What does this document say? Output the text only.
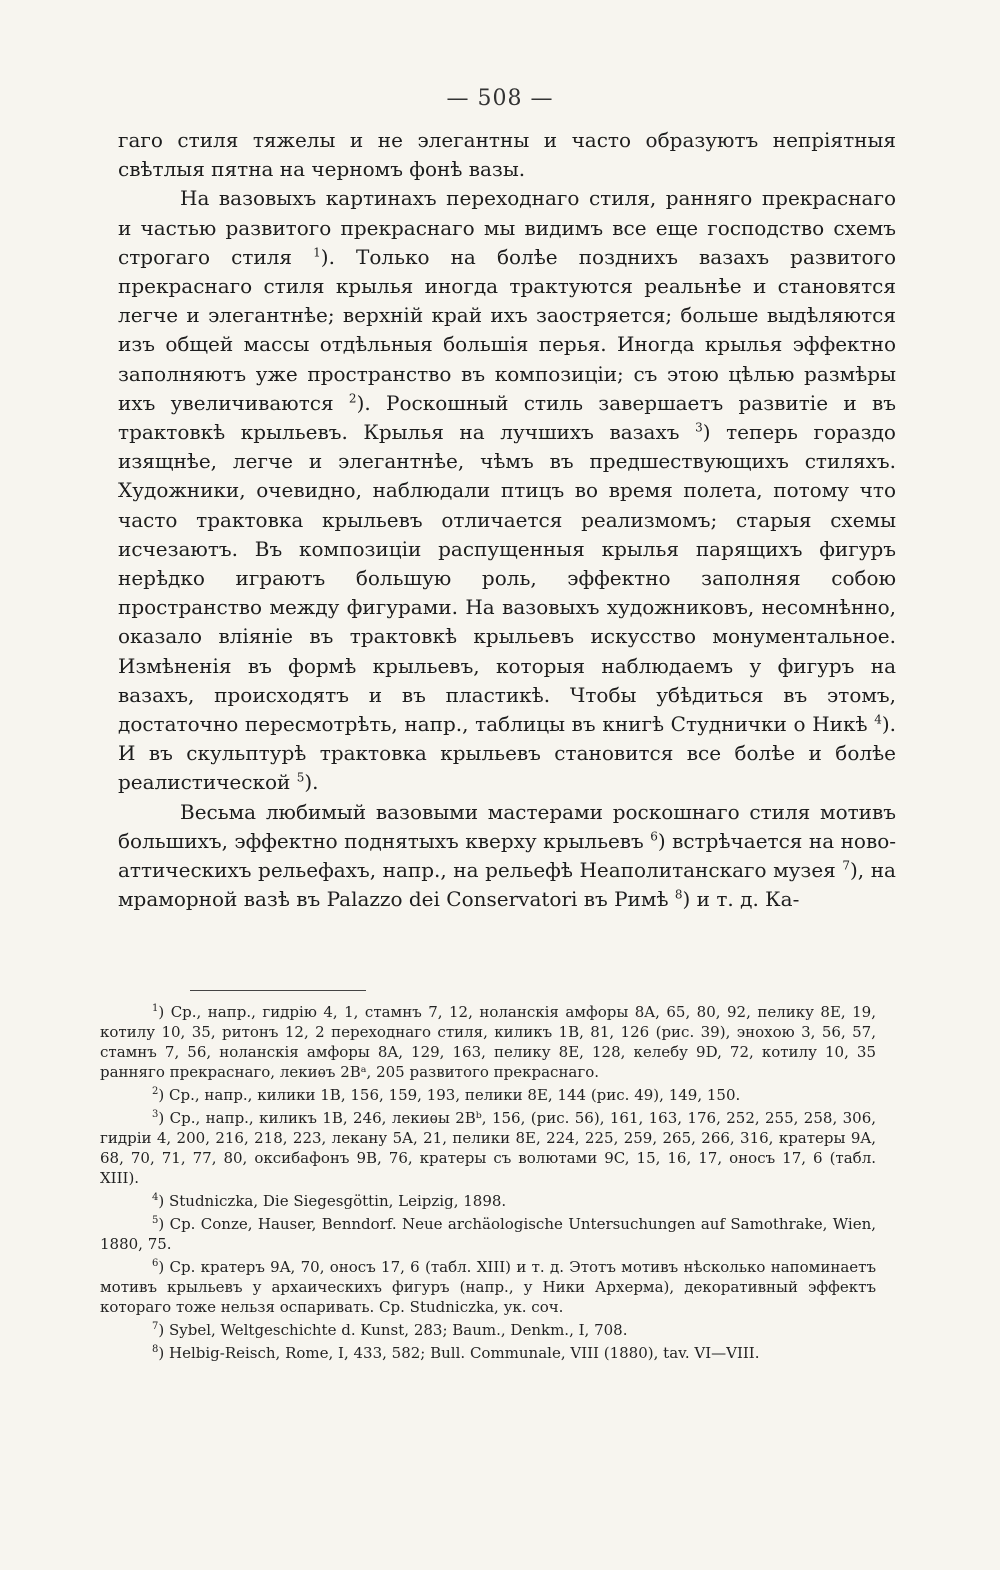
— 508 —

гаго стиля тяжелы и не элегантны и часто образуютъ непріятныя свѣтлыя пятна на черномъ фонѣ вазы.

На вазовыхъ картинахъ переходнаго стиля, ранняго прекраснаго и частью развитого прекраснаго мы видимъ все еще господство схемъ строгаго стиля $^1$). Только на болѣе позднихъ вазахъ развитого прекраснаго стиля крылья иногда трактуются реальнѣе и становятся легче и элегантнѣе; верхній край ихъ заостряется; больше выдѣляются изъ общей массы отдѣльныя большія перья. Иногда крылья эффектно заполняютъ уже пространство въ композиціи; съ этою цѣлью размѣры ихъ увеличиваются $^2$). Роскошный стиль завершаетъ развитіе и въ трактовкѣ крыльевъ. Крылья на лучшихъ вазахъ $^3$) теперь гораздо изящнѣе, легче и элегантнѣе, чѣмъ въ предшествующихъ стиляхъ. Художники, очевидно, наблюдали птицъ во время полета, потому что часто трактовка крыльевъ отличается реализмомъ; старыя схемы исчезаютъ. Въ композиціи распущенныя крылья парящихъ фигуръ нерѣдко играютъ большую роль, эффектно заполняя собою пространство между фигурами. На вазовыхъ художниковъ, несомнѣнно, оказало вліяніе въ трактовкѣ крыльевъ искусство монументальное. Измѣненія въ формѣ крыльевъ, которыя наблюдаемъ у фигуръ на вазахъ, происходятъ и въ пластикѣ. Чтобы убѣдиться въ этомъ, достаточно пересмотрѣть, напр., таблицы въ книгѣ Студнички о Никѣ $^4$). И въ скульптурѣ трактовка крыльевъ становится все болѣе и болѣе реалистической $^5$).

Весьма любимый вазовыми мастерами роскошнаго стиля мотивъ большихъ, эффектно поднятыхъ кверху крыльевъ $^6$) встрѣчается на ново-аттическихъ рельефахъ, напр., на рельефѣ Неаполитанскаго музея $^7$), на мраморной вазѣ въ Palazzo dei Conservatori въ Римѣ $^8$) и т. д. Ка-

$^1$) Ср., напр., гидрію 4, 1, стамнъ 7, 12, ноланскія амфоры 8A, 65, 80, 92, пелику 8E, 19, котилу 10, 35, ритонъ 12, 2 переходнаго стиля, киликъ 1B, 81, 126 (рис. 39), энохою 3, 56, 57, стамнъ 7, 56, ноланскія амфоры 8A, 129, 163, пелику 8E, 128, келебу 9D, 72, котилу 10, 35 ранняго прекраснаго, лекиѳъ 2Bᵃ, 205 развитого прекраснаго.

$^2$) Ср., напр., килики 1B, 156, 159, 193, пелики 8E, 144 (рис. 49), 149, 150.

$^3$) Ср., напр., киликъ 1B, 246, лекиѳы 2Bᵇ, 156, (рис. 56), 161, 163, 176, 252, 255, 258, 306, гидріи 4, 200, 216, 218, 223, лекану 5A, 21, пелики 8E, 224, 225, 259, 265, 266, 316, кратеры 9A, 68, 70, 71, 77, 80, оксибафонъ 9B, 76, кратеры съ волютами 9C, 15, 16, 17, оносъ 17, 6 (табл. XIII).

$^4$) Studniczka, Die Siegesgöttin, Leipzig, 1898.

$^5$) Ср. Conze, Hauser, Benndorf. Neue archäologische Untersuchungen auf Samothrake, Wien, 1880, 75.

$^6$) Ср. кратеръ 9A, 70, оносъ 17, 6 (табл. XIII) и т. д. Этотъ мотивъ нѣсколько напоминаетъ мотивъ крыльевъ у архаическихъ фигуръ (напр., у Ники Архерма), декоративный эффектъ котораго тоже нельзя оспаривать. Ср. Studniczka, ук. соч.

$^7$) Sybel, Weltgeschichte d. Kunst, 283; Baum., Denkm., I, 708.

$^8$) Helbig-Reisch, Rome, I, 433, 582; Bull. Communale, VIII (1880), tav. VI—VIII.
